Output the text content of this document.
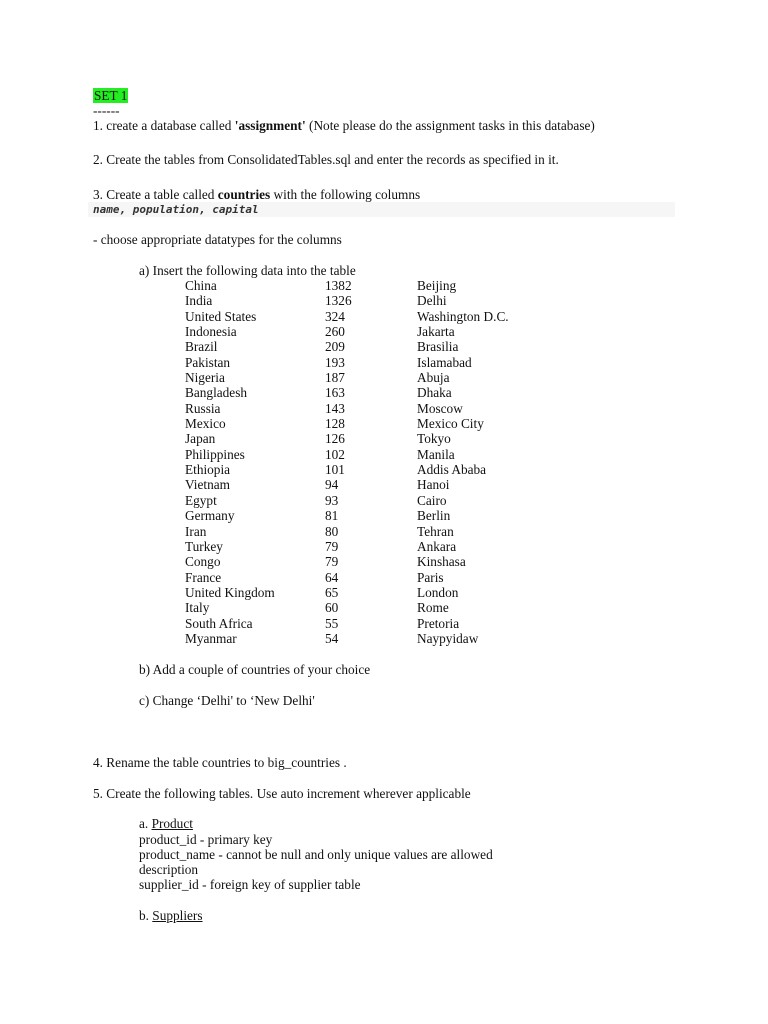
SET 1
------
1. create a database called 'assignment' (Note please do the assignment tasks in this database)
2. Create the tables from ConsolidatedTables.sql and enter the records as specified in it.
3. Create a table called countries with the following columns
name, population, capital
- choose appropriate datatypes for the columns
a) Insert the following data into the table
China	1382	Beijing
India	1326	Delhi
United States	324	Washington D.C.
Indonesia	260	Jakarta
Brazil	209	Brasilia
Pakistan	193	Islamabad
Nigeria	187	Abuja
Bangladesh	163	Dhaka
Russia	143	Moscow
Mexico	128	Mexico City
Japan	126	Tokyo
Philippines	102	Manila
Ethiopia	101	Addis Ababa
Vietnam	94	Hanoi
Egypt	93	Cairo
Germany	81	Berlin
Iran	80	Tehran
Turkey	79	Ankara
Congo	79	Kinshasa
France	64	Paris
United Kingdom	65	London
Italy	60	Rome
South Africa	55	Pretoria
Myanmar	54	Naypyidaw
b) Add a couple of countries of your choice
c) Change ‘Delhi' to ‘New Delhi'
4. Rename the table countries to big_countries .
5. Create the following tables. Use auto increment wherever applicable
a. Product
product_id - primary key
product_name - cannot be null and only unique values are allowed
description
supplier_id - foreign key of supplier table
b. Suppliers
